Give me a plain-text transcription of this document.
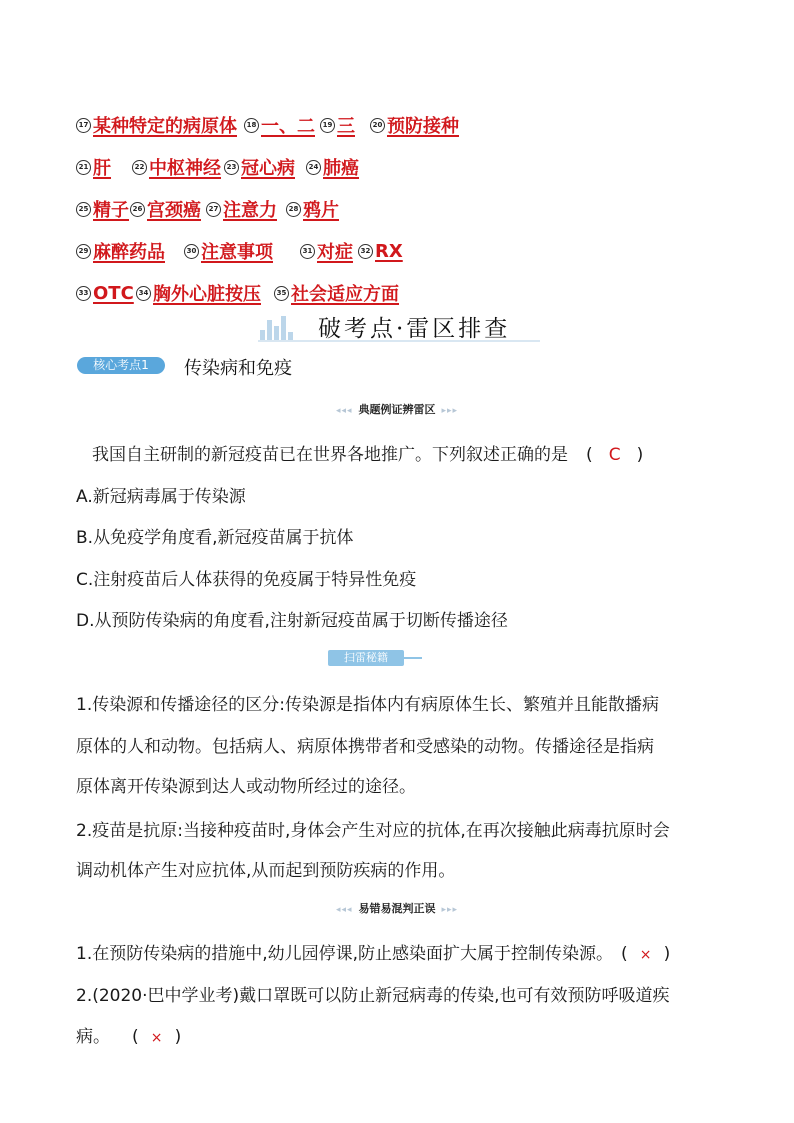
17 某种特定的病原体	18 一、二	19 三	20 预防接种
21 肝	22 中枢神经 23 冠心病	24 肺癌
25 精子 26 宫颈癌	27 注意力	28 鸦片
29 麻醉药品	30 注意事项	31 对症	32 RX
33 OTC 34 胸外心脏按压	35 社会适应方面
破考点·雷区排查
核心考点1	传染病和免疫
◂◂◂ 典题例证辨雷区 ▸▸▸
我国自主研制的新冠疫苗已在世界各地推广。下列叙述正确的是 ( C )
A.新冠病毒属于传染源
B.从免疫学角度看,新冠疫苗属于抗体
C.注射疫苗后人体获得的免疫属于特异性免疫
D.从预防传染病的角度看,注射新冠疫苗属于切断传播途径
扫雷秘籍
1.传染源和传播途径的区分:传染源是指体内有病原体生长、繁殖并且能散播病
原体的人和动物。包括病人、病原体携带者和受感染的动物。传播途径是指病
原体离开传染源到达人或动物所经过的途径。
2.疫苗是抗原:当接种疫苗时,身体会产生对应的抗体,在再次接触此病毒抗原时会
调动机体产生对应抗体,从而起到预防疾病的作用。
◂◂◂ 易错易混判正误 ▸▸▸
1.在预防传染病的措施中,幼儿园停课,防止感染面扩大属于控制传染源。 ( × )
2.(2020·巴中学业考)戴口罩既可以防止新冠病毒的传染,也可有效预防呼吸道疾
病。 ( × )
